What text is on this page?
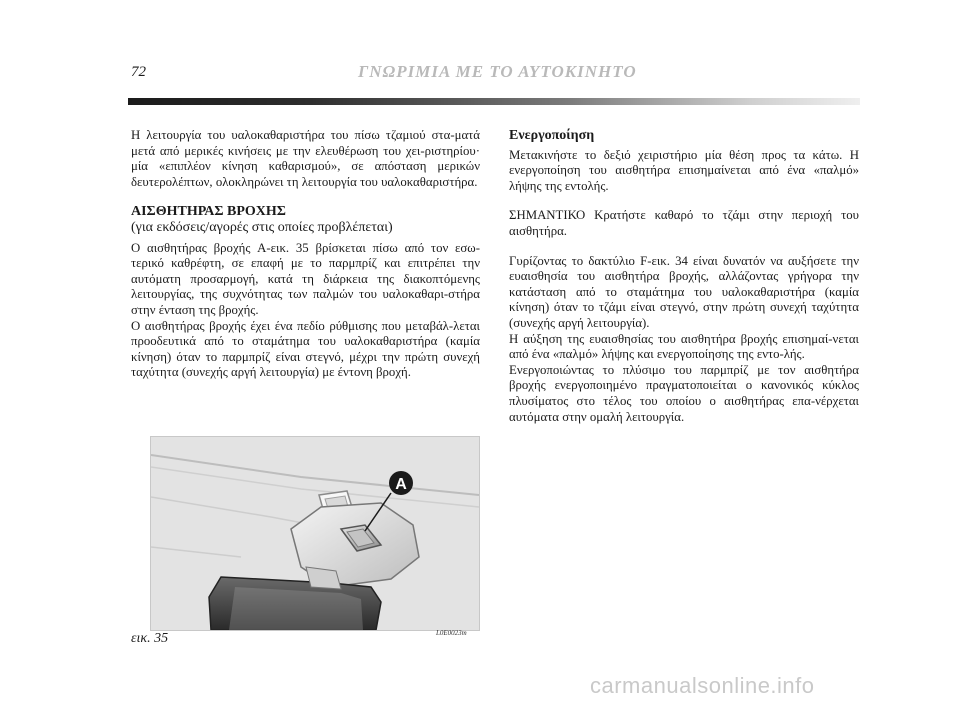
72	ΓΝΩΡΙΜΙΑ ΜΕ ΤΟ ΑΥΤΟΚΙΝΗΤΟ

Η λειτουργία του υαλοκαθαριστήρα του πίσω τζαμιού στα-ματά μετά από μερικές κινήσεις με την ελευθέρωση του χει-ριστηρίου· μία «επιπλέον κίνηση καθαρισμού», σε απόσταση μερικών δευτερολέπτων, ολοκληρώνει τη λειτουργία του υαλοκαθαριστήρα.

ΑΙΣΘΗΤΗΡΑΣ ΒΡΟΧΗΣ

(για εκδόσεις/αγορές στις οποίες προβλέπεται)

Ο αισθητήρας βροχής A-εικ. 35 βρίσκεται πίσω από τον εσω-τερικό καθρέφτη, σε επαφή με το παρμπρίζ και επιτρέπει την αυτόματη προσαρμογή, κατά τη διάρκεια της διακοπτόμενης λειτουργίας, της συχνότητας των παλμών του υαλοκαθαρι-στήρα στην ένταση της βροχής.

Ο αισθητήρας βροχής έχει ένα πεδίο ρύθμισης που μεταβάλ-λεται προοδευτικά από το σταμάτημα του υαλοκαθαριστήρα (καμία κίνηση) όταν το παρμπρίζ είναι στεγνό, μέχρι την πρώτη συνεχή ταχύτητα (συνεχής αργή λειτουργία) με έντονη βροχή.

Ενεργοποίηση

Μετακινήστε το δεξιό χειριστήριο μία θέση προς τα κάτω. Η ενεργοποίηση του αισθητήρα επισημαίνεται από ένα «παλμό» λήψης της εντολής.

ΣΗΜΑΝΤΙΚΟ Κρατήστε καθαρό το τζάμι στην περιοχή του αισθητήρα.

Γυρίζοντας το δακτύλιο F-εικ. 34 είναι δυνατόν να αυξήσετε την ευαισθησία του αισθητήρα βροχής, αλλάζοντας γρήγορα την κατάσταση από το σταμάτημα του υαλοκαθαριστήρα (καμία κίνηση) όταν το τζάμι είναι στεγνό, στην πρώτη συνεχή ταχύτητα (συνεχής αργή λειτουργία).

Η αύξηση της ευαισθησίας του αισθητήρα βροχής επισημαί-νεται από ένα «παλμό» λήψης και ενεργοποίησης της εντο-λής.

Ενεργοποιώντας το πλύσιμο του παρμπρίζ με τον αισθητήρα βροχής ενεργοποιημένο πραγματοποιείται ο κανονικός κύκλος πλυσίματος στο τέλος του οποίου ο αισθητήρας επα-νέρχεται αυτόματα στην ομαλή λειτουργία.

A
εικ. 35	L0E0023m
carmanualsonline.info
